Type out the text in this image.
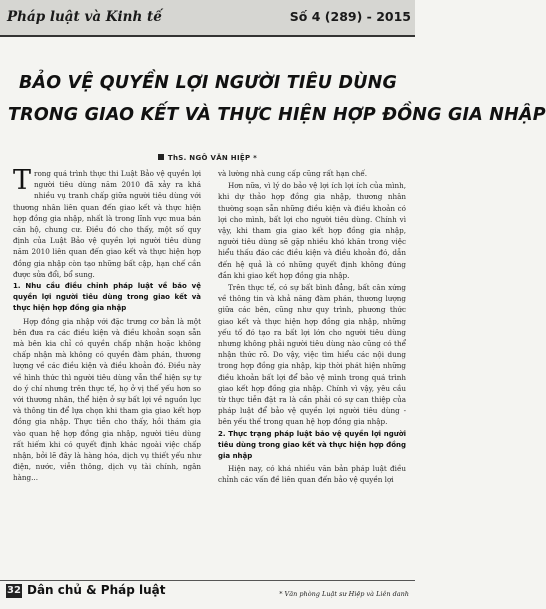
Pháp luật và Kinh tế	Số 4 (289) - 2015
BẢO VỆ QUYỀN LỢI NGƯỜI TIÊU DÙNG
TRONG GIAO KẾT VÀ THỰC HIỆN HỢP ĐỒNG GIA NHẬP
ThS. NGÔ VĂN HIỆP *

Trong quá trình thực thi Luật Bảo vệ quyền lợi người tiêu dùng năm 2010 đã xảy ra khá nhiều vụ tranh chấp giữa người tiêu dùng với thương nhân liên quan đến giao kết và thực hiện hợp đồng gia nhập, nhất là trong lĩnh vực mua bán căn hộ, chung cư. Điều đó cho thấy, một số quy định của Luật Bảo vệ quyền lợi người tiêu dùng năm 2010 liên quan đến giao kết và thực hiện hợp đồng gia nhập còn tạo những bất cập, hạn chế cần được sửa đổi, bổ sung.

1. Nhu cầu điều chỉnh pháp luật về bảo vệ quyền lợi người tiêu dùng trong giao kết và thực hiện hợp đồng gia nhập

Hợp đồng gia nhập với đặc trưng cơ bản là một bên đưa ra các điều kiện và điều khoản soạn sẵn mà bên kia chỉ có quyền chấp nhận hoặc không chấp nhận mà không có quyền đàm phán, thương lượng về các điều kiện và điều khoản đó. Điều này về hình thức thì người tiêu dùng vẫn thể hiện sự tự do ý chí nhưng trên thực tế, họ ở vị thế yếu hơn so với thương nhân, thể hiện ở sự bất lợi về nguồn lực và thông tin để lựa chọn khi tham gia giao kết hợp đồng gia nhập. Thực tiễn cho thấy, hồi thám gia vào quan hệ hợp đồng gia nhập, người tiêu dùng rất hiếm khi có quyết định khác ngoài việc chấp nhận, bởi lẽ đây là hàng hóa, dịch vụ thiết yếu như điện, nước, viễn thông, dịch vụ tài chính, ngân hàng...

và lường nhà cung cấp cũng rất hạn chế.

Hơn nữa, vì lý do bảo vệ lợi ích lợi ích của mình, khi dự thảo hợp đồng gia nhập, thương nhân thường soạn sẵn những điều kiện và điều khoản có lợi cho mình, bất lợi cho người tiêu dùng. Chính vì vậy, khi tham gia giao kết hợp đồng gia nhập, người tiêu dùng sẽ gặp nhiều khó khăn trong việc hiểu thấu đáo các điều kiện và điều khoản đó, dẫn đến hệ quả là có những quyết định không đúng đắn khi giao kết hợp đồng gia nhập.

Trên thực tế, có sự bất bình đẳng, bất cân xứng về thông tin và khả năng đàm phán, thương lượng giữa các bên, cũng như quy trình, phương thức giao kết và thực hiện hợp đồng gia nhập, những yếu tố đó tạo ra bất lợi lớn cho người tiêu dùng nhưng không phải người tiêu dùng nào cũng có thể nhận thức rõ. Do vậy, việc tìm hiểu các nội dung trong hợp đồng gia nhập, kịp thời phát hiện những điều khoản bất lợi để bảo vệ mình trong quá trình giao kết hợp đồng gia nhập. Chính vì vậy, yêu cầu từ thực tiễn đặt ra là cần phải có sự can thiệp của pháp luật để bảo vệ quyền lợi người tiêu dùng - bên yếu thế trong quan hệ hợp đồng gia nhập.

2. Thực trạng pháp luật bảo vệ quyền lợi người tiêu dùng trong giao kết và thực hiện hợp đồng gia nhập

Hiện nay, có khá nhiều văn bản pháp luật điều chỉnh các vấn đề liên quan đến bảo vệ quyền lợi

32 Dân chủ & Pháp luật	* Văn phòng Luật sư Hiệp và Liên danh
